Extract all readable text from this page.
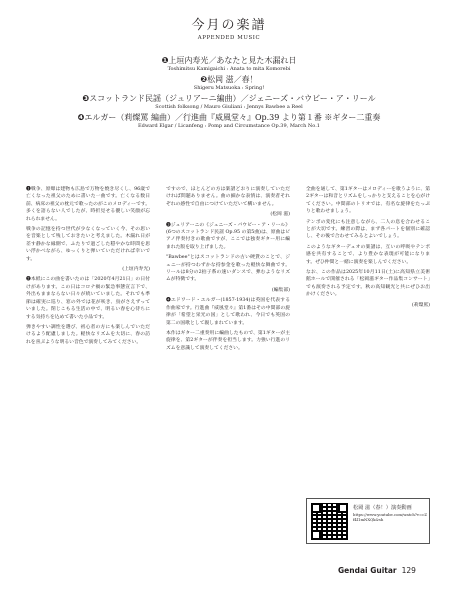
今月の楽譜
APPENDED MUSIC
❶上垣内寿光／あなたと見た木漏れ日
Toshimitsu Kamigaichi : Anata to mita Komorebi
❷松岡 滋／春！
Shigeru Matsuoka : Spring!
❸スコットランド民謡（ジュリアーニ編曲）／ジェニーズ・バウビー・ア・リール
Scottish folksong / Mauro Giuliani : Jennys Bawbee a Reel
❹エルガー（莉燦罵 編曲）／行進曲『威風堂々』Op.39 より第１番 ※ギター二重奏
Edward Elgar / Licanfeng : Pomp and Circumstance Op.39, March No.1

❶戦争、原爆は建物も広島で万物を焼き尽くし、96歳で亡くなった祖父のために書いた一曲です。亡くなる数日前、病床の祖父の枕元で歌ったのがこのメロディーです。多くを語らない人でしたが、時折見せる優しい笑顔が忘れられません。

戦争の記憶を持つ世代が少なくなっていく今、その思いを音楽として残しておきたいと考えました。木漏れ日が差す静かな縁側で、ふたりで過ごした穏やかな時間を思い浮かべながら、ゆっくりと弾いていただければ幸いです。

(上垣内寿光)

❷本紙にこの曲を書いたのは「2020年4月21日」の日付けがあります。この日はコロナ禍の緊急事態宣言下で、外出もままならない日々が続いていました。それでも季節は確実に巡り、窓の外では花が咲き、鳥がさえずっていました。閉じこもる生活の中で、明るい春を心待ちにする気持ちを込めて書いた小品です。

弾きやすい調性を選び、初心者の方にも楽しんでいただけるよう配慮しました。軽快なリズムを大切に、春の訪れを喜ぶような明るい音色で演奏してみてください。

ですので、ほとんどの方は楽譜どおりに演奏していただければ問題ありません。曲の細かな表情は、演奏者それぞれの感性で自由につけていただいて構いません。

(松岡 滋)

❸ジュリアーニの《ジェニーズ・バウビー・ア・リール》(6つのスコットランド民謡 Op.95 の第5曲)は、原曲はピアノ伴奏付きの歌曲ですが、ここでは独奏ギター用に編まれた版を取り上げました。

"Bawbee"とはスコットランドの古い硬貨のことで、ジェニーが持つわずかな持参金を歌った軽快な舞曲です。リールは8分の2拍子系の速いダンスで、弾むようなリズムが特徴です。

(編集部)

❹エドワード・エルガー(1857-1934)は英国を代表する作曲家です。行進曲『威風堂々』第1番はその中間部の旋律が「希望と栄光の国」として歌われ、今日でも英国の第二の国歌として親しまれています。

本作はギター二重奏用に編曲したもので、第1ギターが主旋律を、第2ギターが伴奏を担当します。力強い行進のリズムを意識して演奏してください。

全曲を通して、第1ギターはメロディーを歌うように、第2ギターは和音とリズムをしっかりと支えることを心がけてください。中間部のトリオでは、有名な旋律をたっぷりと歌わせましょう。

テンポの変化にも注意しながら、二人の息を合わせることが大切です。練習の際は、まず各パートを個別に確認し、その後で合わせてみるとよいでしょう。

このようなギターデュオの楽譜は、互いの呼吸やテンポ感を共有することで、より豊かな表現が可能になります。ぜひ仲間と一緒に演奏を楽しんでください。

なお、この作品は2025年10月11日(土)に高知県立美術館ホールで開催される「松岡滋ギター作品集コンサート」でも演奏される予定です。秋の高知観光と共にぜひお出かけください。

(莉燦罵)

松岡 滋（春！）演奏動画
https://www.youtube.com/watch?v=cZf4l1mNXQk&sh
Gendai Guitar 129
